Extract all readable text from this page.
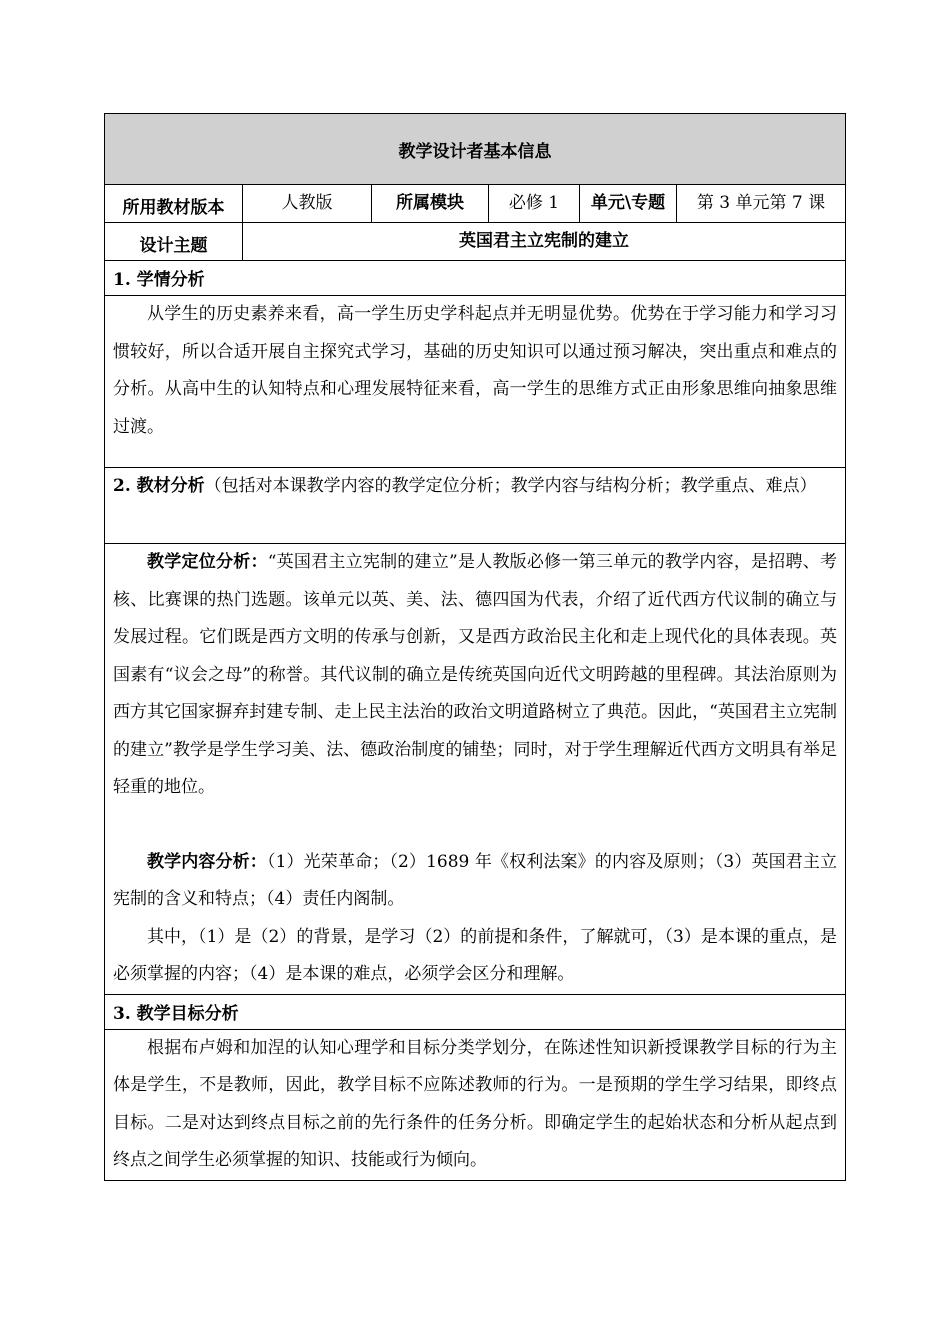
教学设计者基本信息					
所用教材版本	人教版	所属模块	必修 1	单元\专题	第 3 单元第 7 课
设计主题	英国君主立宪制的建立				
1. 学情分析					

从学生的历史素养来看，高一学生历史学科起点并无明显优势。优势在于学习能力和学习习惯较好，所以合适开展自主探究式学习，基础的历史知识可以通过预习解决，突出重点和难点的分析。从高中生的认知特点和心理发展特征来看，高一学生的思维方式正由形象思维向抽象思维过渡。					

2. 教材分析（包括对本课教学内容的教学定位分析；教学内容与结构分析；教学重点、难点）					

教学定位分析：“英国君主立宪制的建立”是人教版必修一第三单元的教学内容，是招聘、考核、比赛课的热门选题。该单元以英、美、法、德四国为代表，介绍了近代西方代议制的确立与发展过程。它们既是西方文明的传承与创新，又是西方政治民主化和走上现代化的具体表现。英国素有“议会之母”的称誉。其代议制的确立是传统英国向近代文明跨越的里程碑。其法治原则为西方其它国家摒弃封建专制、走上民主法治的政治文明道路树立了典范。因此，“英国君主立宪制的建立”教学是学生学习美、法、德政治制度的铺垫；同时，对于学生理解近代西方文明具有举足轻重的地位。

教学内容分析：（1）光荣革命；（2）1689 年《权利法案》的内容及原则；（3）英国君主立宪制的含义和特点；（4）责任内阁制。

其中，（1）是（2）的背景，是学习（2）的前提和条件，了解就可，（3）是本课的重点，是必须掌握的内容；（4）是本课的难点，必须学会区分和理解。					

3. 教学目标分析					

根据布卢姆和加涅的认知心理学和目标分类学划分，在陈述性知识新授课教学目标的行为主体是学生，不是教师，因此，教学目标不应陈述教师的行为。一是预期的学生学习结果，即终点目标。二是对达到终点目标之前的先行条件的任务分析。即确定学生的起始状态和分析从起点到终点之间学生必须掌握的知识、技能或行为倾向。					
